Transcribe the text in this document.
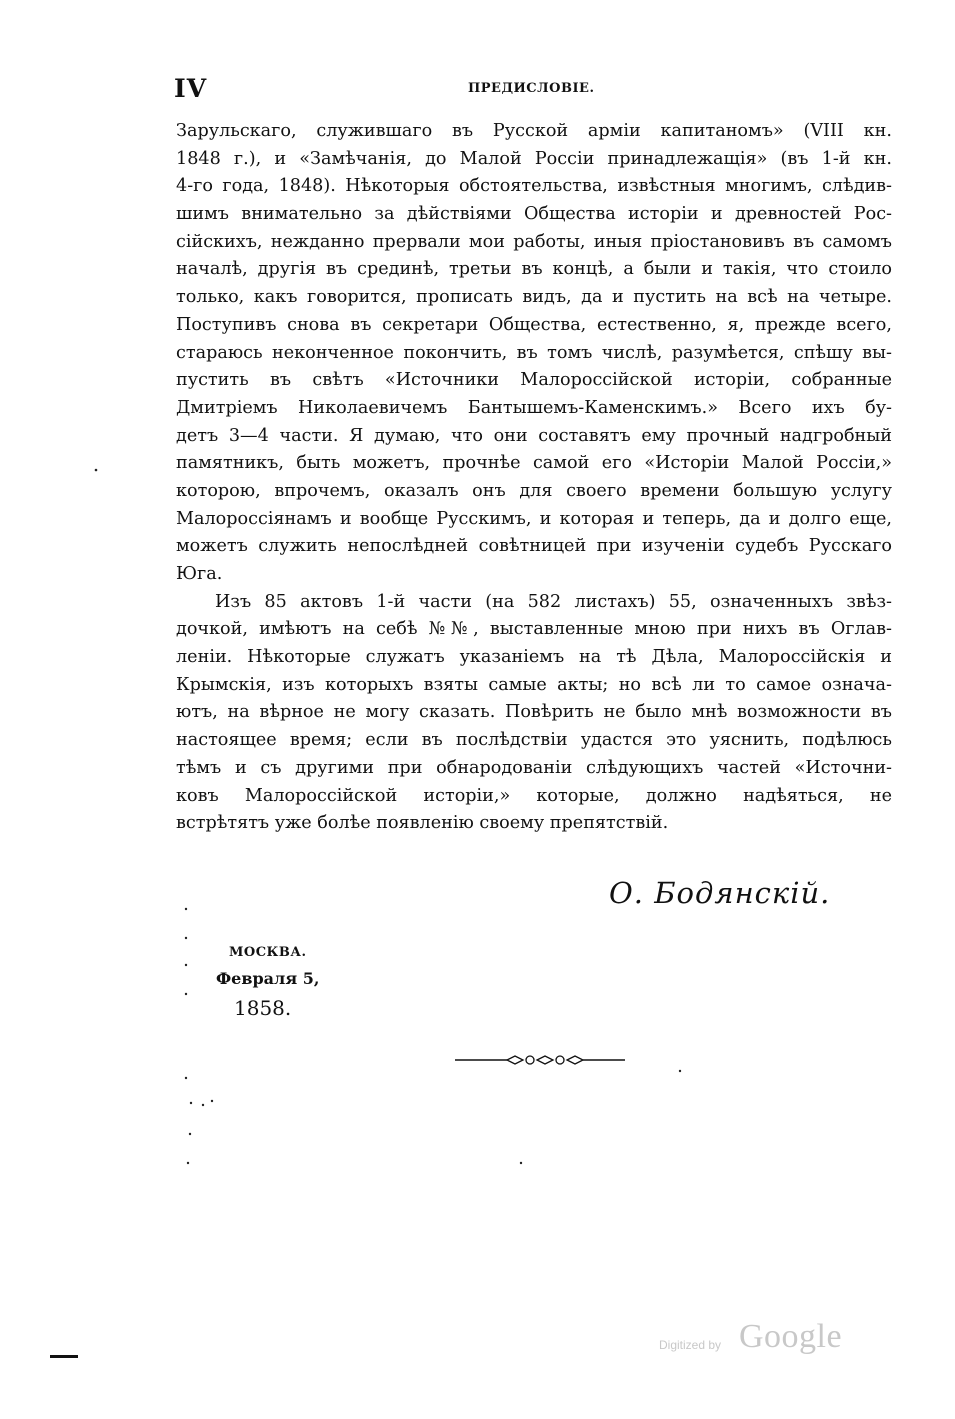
IV	ПРЕДИСЛОВІЕ.
Зарульскаго, служившаго въ Русской арміи капитаномъ» (VIII кн.
1848 г.), и «Замѣчанія, до Малой Россіи принадлежащія» (въ 1-й кн.
4-го года, 1848). Нѣкоторыя обстоятельства, извѣстныя многимъ, слѣдив-
шимъ внимательно за дѣйствіями Общества исторіи и древностей Рос-
сійскихъ, нежданно прервали мои работы, иныя пріостановивъ въ самомъ
началѣ, другія въ срединѣ, третьи въ концѣ, а были и такія, что стоило
только, какъ говорится, прописать видъ, да и пустить на всѣ на четыре.
Поступивъ снова въ секретари Общества, естественно, я, прежде всего,
стараюсь неконченное покончить, въ томъ числѣ, разумѣется, спѣшу вы-
пустить въ свѣтъ «Источники Малороссійской исторіи, собранные
Дмитріемъ Николаевичемъ Бантышемъ-Каменскимъ.» Всего ихъ бу-
детъ 3—4 части. Я думаю, что они составятъ ему прочный надгробный
памятникъ, быть можетъ, прочнѣе самой его «Исторіи Малой Россіи,»
которою, впрочемъ, оказалъ онъ для своего времени большую услугу
Малороссіянамъ и вообще Русскимъ, и которая и теперь, да и долго еще,
можетъ служить непослѣдней совѣтницей при изученіи судебъ Русскаго
Юга.
Изъ 85 актовъ 1-й части (на 582 листахъ) 55, означенныхъ звѣз-
дочкой, имѣютъ на себѣ №№, выставленные мною при нихъ въ Оглав-
леніи. Нѣкоторые служатъ указаніемъ на тѣ Дѣла, Малороссійскія и
Крымскія, изъ которыхъ взяты самые акты; но всѣ ли то самое означа-
ютъ, на вѣрное не могу сказать. Повѣрить не было мнѣ возможности въ
настоящее время; если въ послѣдствіи удастся это уяснить, подѣлюсь
тѣмъ и съ другими при обнародованіи слѣдующихъ частей «Источни-
ковъ Малороссійской исторіи,» которые, должно надѣяться, не
встрѣтятъ уже болѣе появленію своему препятствій.
О. Бодянскій.
МОСКВА.
Февраля 5,
1858.
Digitized by Google
